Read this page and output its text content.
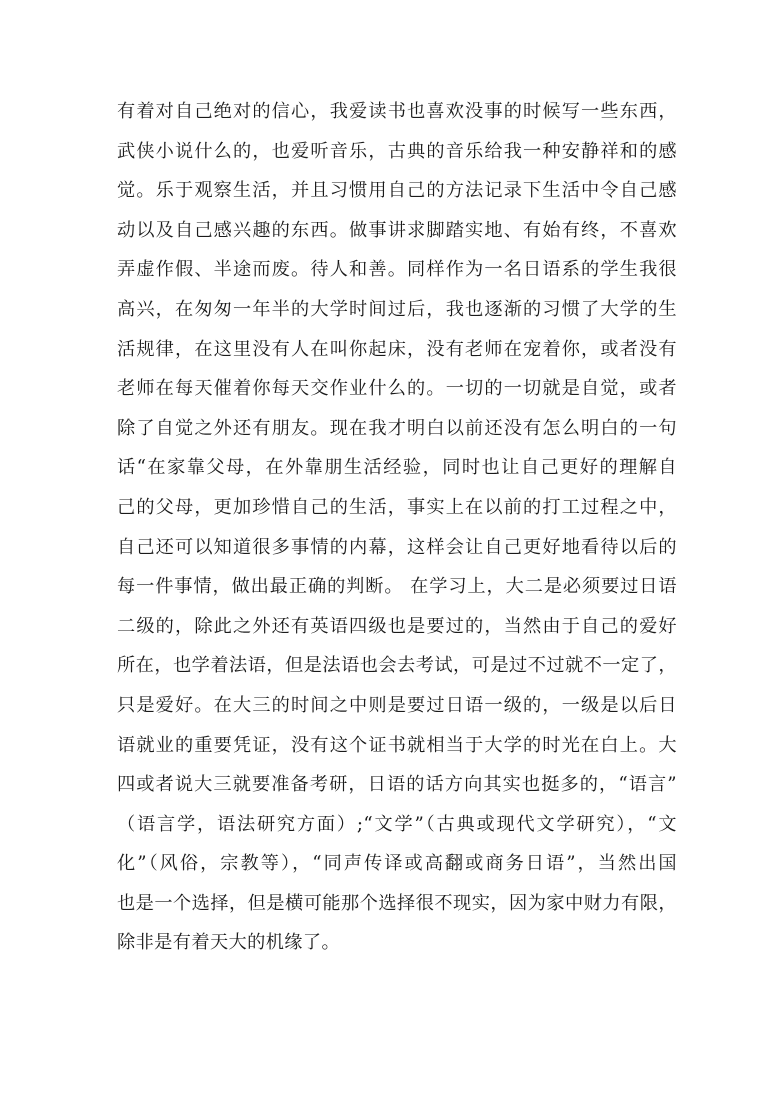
有着对自己绝对的信心，我爱读书也喜欢没事的时候写一些东西，
武侠小说什么的，也爱听音乐，古典的音乐给我一种安静祥和的感
觉。乐于观察生活，并且习惯用自己的方法记录下生活中令自己感
动以及自己感兴趣的东西。做事讲求脚踏实地、有始有终，不喜欢
弄虚作假、半途而废。待人和善。同样作为一名日语系的学生我很
高兴，在匆匆一年半的大学时间过后，我也逐渐的习惯了大学的生
活规律，在这里没有人在叫你起床，没有老师在宠着你，或者没有
老师在每天催着你每天交作业什么的。一切的一切就是自觉，或者
除了自觉之外还有朋友。现在我才明白以前还没有怎么明白的一句
话“在家靠父母，在外靠朋生活经验，同时也让自己更好的理解自
己的父母，更加珍惜自己的生活，事实上在以前的打工过程之中，
自己还可以知道很多事情的内幕，这样会让自己更好地看待以后的
每一件事情，做出最正确的判断。 在学习上，大二是必须要过日语
二级的，除此之外还有英语四级也是要过的，当然由于自己的爱好
所在，也学着法语，但是法语也会去考试，可是过不过就不一定了，
只是爱好。在大三的时间之中则是要过日语一级的，一级是以后日
语就业的重要凭证，没有这个证书就相当于大学的时光在白上。大
四或者说大三就要准备考研，日语的话方向其实也挺多的，“语言”
（语言学，语法研究方面）;“文学”（古典或现代文学研究），“文
化”（风俗，宗教等），“同声传译或高翻或商务日语”，当然出国
也是一个选择，但是横可能那个选择很不现实，因为家中财力有限，
除非是有着天大的机缘了。
